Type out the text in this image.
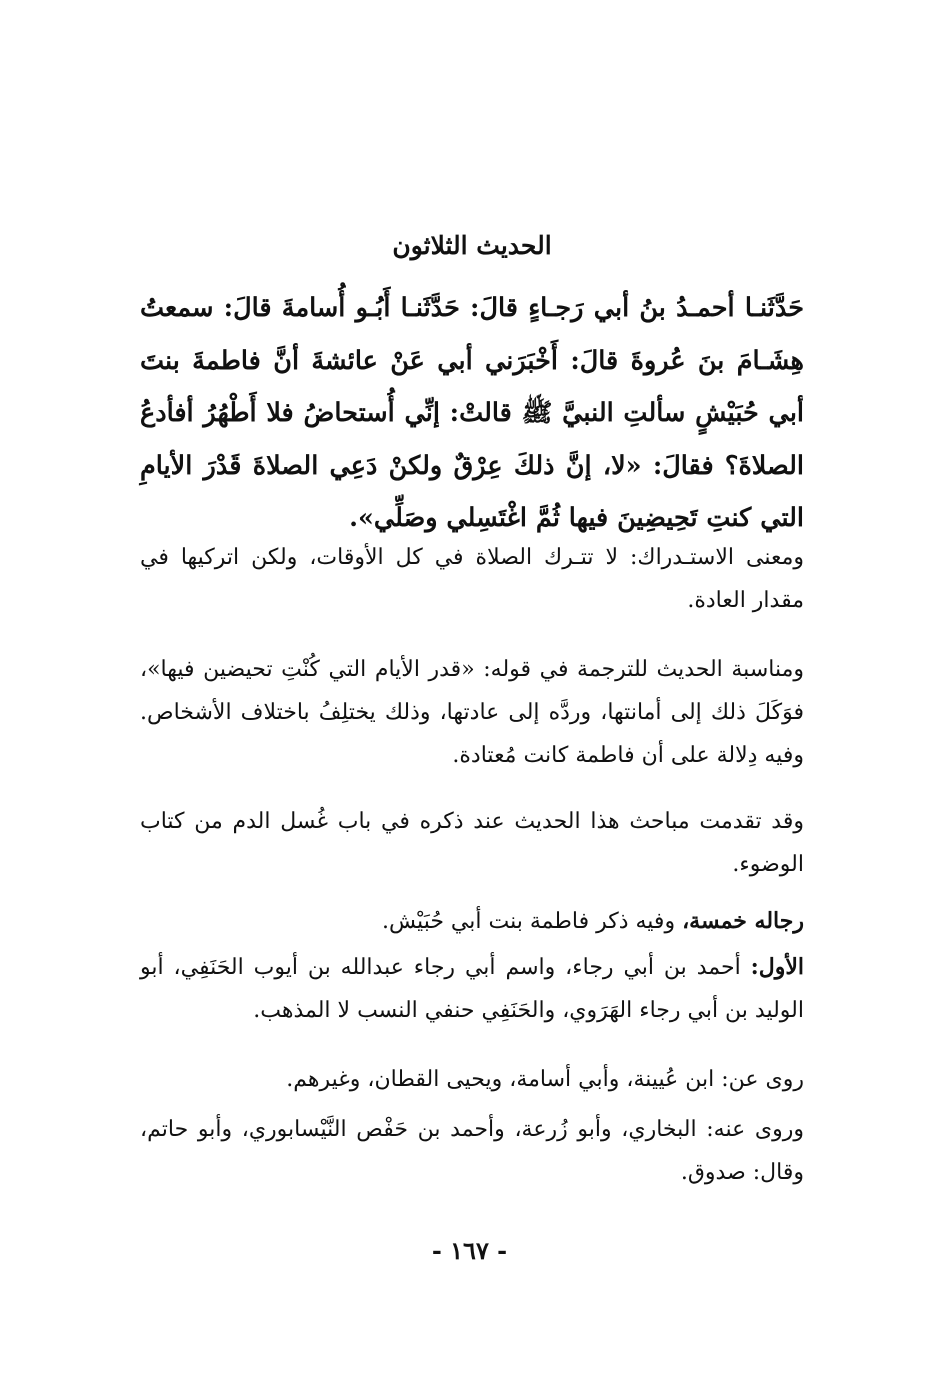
الحديث الثلاثون
حَدَّثَنـا أحمـدُ بنُ أبي رَجـاءٍ قالَ: حَدَّثَنـا أَبُـو أُسامةَ قالَ: سمعتُ هِشَـامَ بنَ عُروةَ قالَ: أَخْبَرَني أبي عَنْ عائشةَ أنَّ فاطمةَ بنتَ أبي حُبَيْشٍ سألتِ النبيَّ ﷺ قالتْ: إنِّي أُستحاضُ فلا أَطْهُرُ أفأدعُ الصلاةَ؟ فقالَ: «لا، إنَّ ذلكَ عِرْقٌ ولكنْ دَعِي الصلاةَ قَدْرَ الأيامِ التي كنتِ تَحِيضِينَ فيها ثُمَّ اغْتَسِلي وصَلِّي».
ومعنى الاستـدراك: لا تتـرك الصلاة في كل الأوقات، ولكن اتركيها في مقدار العادة.
ومناسبة الحديث للترجمة في قوله: «قدر الأيام التي كُنْتِ تحيضين فيها»، فوَكَلَ ذلك إلى أمانتها، وردَّه إلى عادتها، وذلك يختلِفُ باختلاف الأشخاص. وفيه دِلالة على أن فاطمة كانت مُعتادة.
وقد تقدمت مباحث هذا الحديث عند ذكره في باب غُسل الدم من كتاب الوضوء.
رجاله خمسة، وفيه ذكر فاطمة بنت أبي حُبَيْش.
الأول: أحمد بن أبي رجاء، واسم أبي رجاء عبدالله بن أيوب الحَنَفِي، أبو الوليد بن أبي رجاء الهَرَوي، والحَنَفِي حنفي النسب لا المذهب.
روى عن: ابن عُيينة، وأبي أسامة، ويحيى القطان، وغيرهم.
وروى عنه: البخاري، وأبو زُرعة، وأحمد بن حَفْص النَّيْسابوري، وأبو حاتم، وقال: صدوق.
- ١٦٧ -
